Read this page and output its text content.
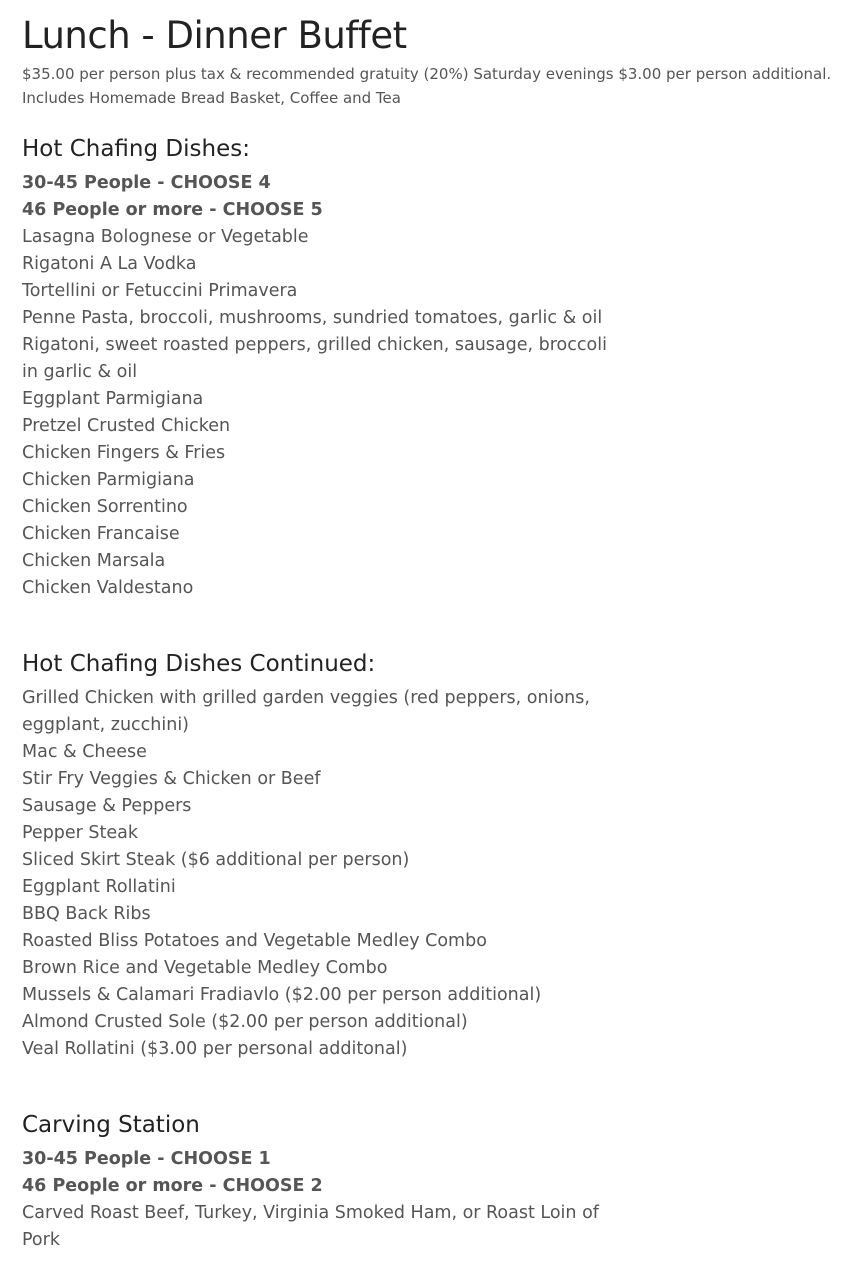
Lunch - Dinner Buffet
$35.00 per person plus tax & recommended gratuity (20%) Saturday evenings $3.00 per person additional.
Includes Homemade Bread Basket, Coffee and Tea
Hot Chafing Dishes:
30-45 People - CHOOSE 4
46 People or more - CHOOSE 5
Lasagna Bolognese or Vegetable
Rigatoni A La Vodka
Tortellini or Fetuccini Primavera
Penne Pasta, broccoli, mushrooms, sundried tomatoes, garlic & oil
Rigatoni, sweet roasted peppers, grilled chicken, sausage, broccoli in garlic & oil
Eggplant Parmigiana
Pretzel Crusted Chicken
Chicken Fingers & Fries
Chicken Parmigiana
Chicken Sorrentino
Chicken Francaise
Chicken Marsala
Chicken Valdestano
Hot Chafing Dishes Continued:
Grilled Chicken with grilled garden veggies (red peppers, onions, eggplant, zucchini)
Mac & Cheese
Stir Fry Veggies & Chicken or Beef
Sausage & Peppers
Pepper Steak
Sliced Skirt Steak ($6 additional per person)
Eggplant Rollatini
BBQ Back Ribs
Roasted Bliss Potatoes and Vegetable Medley Combo
Brown Rice and Vegetable Medley Combo
Mussels & Calamari Fradiavlo ($2.00 per person additional)
Almond Crusted Sole ($2.00 per person additional)
Veal Rollatini ($3.00 per personal additonal)
Carving Station
30-45 People - CHOOSE 1
46 People or more - CHOOSE 2
Carved Roast Beef, Turkey, Virginia Smoked Ham, or Roast Loin of Pork
